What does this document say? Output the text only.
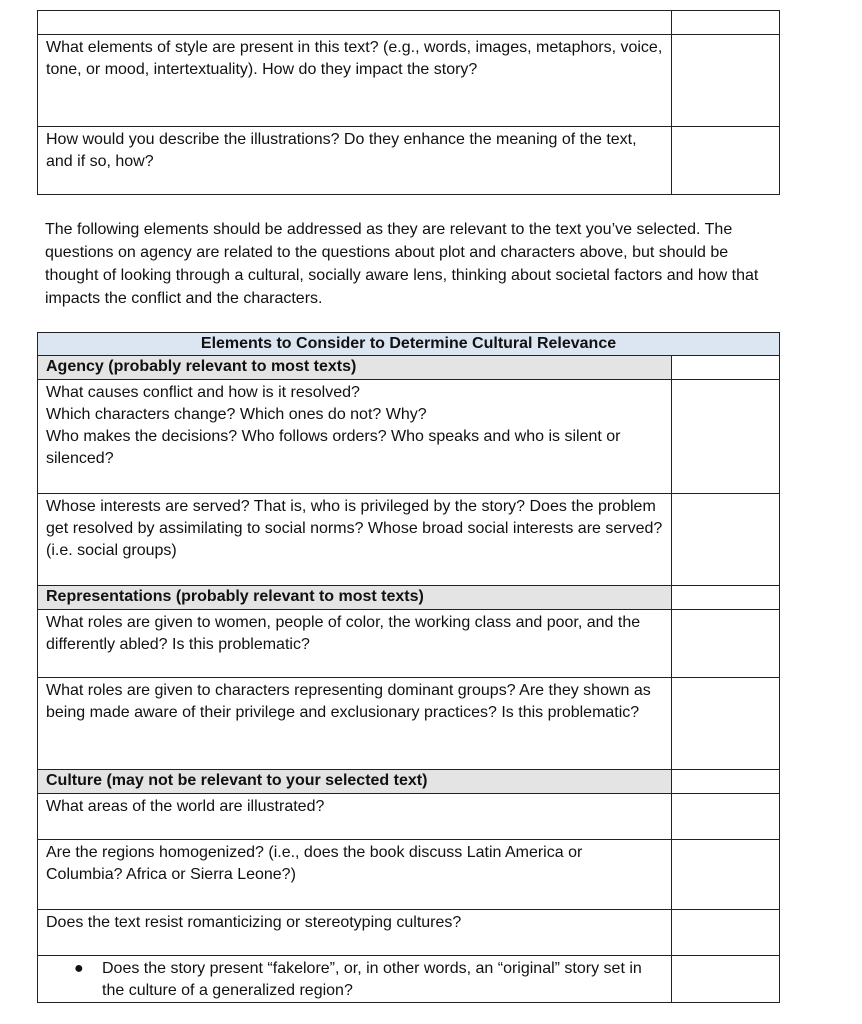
What elements of style are present in this text? (e.g., words, images, metaphors, voice, tone, or mood, intertextuality). How do they impact the story?	
How would you describe the illustrations? Do they enhance the meaning of the text, and if so, how?	

The following elements should be addressed as they are relevant to the text you’ve selected. The questions on agency are related to the questions about plot and characters above, but should be thought of looking through a cultural, socially aware lens, thinking about societal factors and how that impacts the conflict and the characters.

Elements to Consider to Determine Cultural Relevance	
Agency (probably relevant to most texts)	

What causes conflict and how is it resolved?
Which characters change? Which ones do not? Why?
Who makes the decisions? Who follows orders? Who speaks and who is silent or silenced?	

Whose interests are served? That is, who is privileged by the story? Does the problem get resolved by assimilating to social norms? Whose broad social interests are served? (i.e. social groups)	
Representations (probably relevant to most texts)	
What roles are given to women, people of color, the working class and poor, and the differently abled? Is this problematic?	
What roles are given to characters representing dominant groups? Are they shown as being made aware of their privilege and exclusionary practices? Is this problematic?	
Culture (may not be relevant to your selected text)	
What areas of the world are illustrated?	
Are the regions homogenized? (i.e., does the book discuss Latin America or Columbia? Africa or Sierra Leone?)	
Does the text resist romanticizing or stereotyping cultures?	

● Does the story present “fakelore”, or, in other words, an “original” story set in the culture of a generalized region?	
